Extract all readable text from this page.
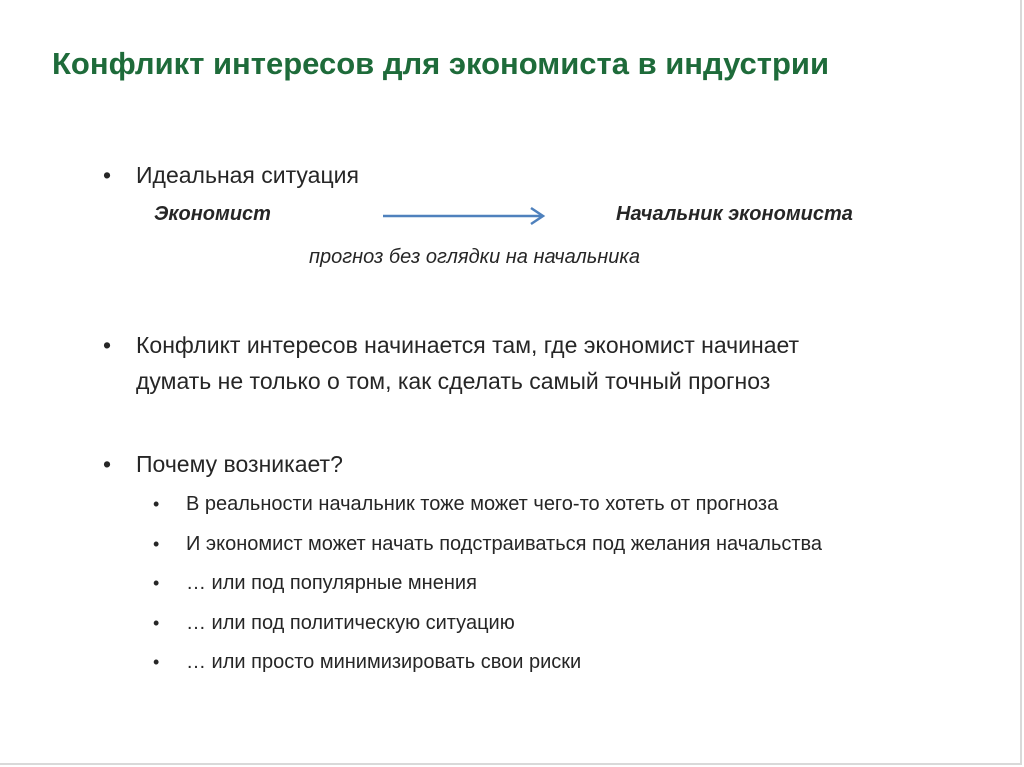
Конфликт интересов для экономиста в индустрии
• Идеальная ситуация
Экономист	Начальник экономиста
прогноз без оглядки на начальника
• Конфликт интересов начинается там, где экономист начинает
думать не только о том, как сделать самый точный прогноз
• Почему возникает?
• В реальности начальник тоже может чего-то хотеть от прогноза
• И экономист может начать подстраиваться под желания начальства
• … или под популярные мнения
• … или под политическую ситуацию
• … или просто минимизировать свои риски
